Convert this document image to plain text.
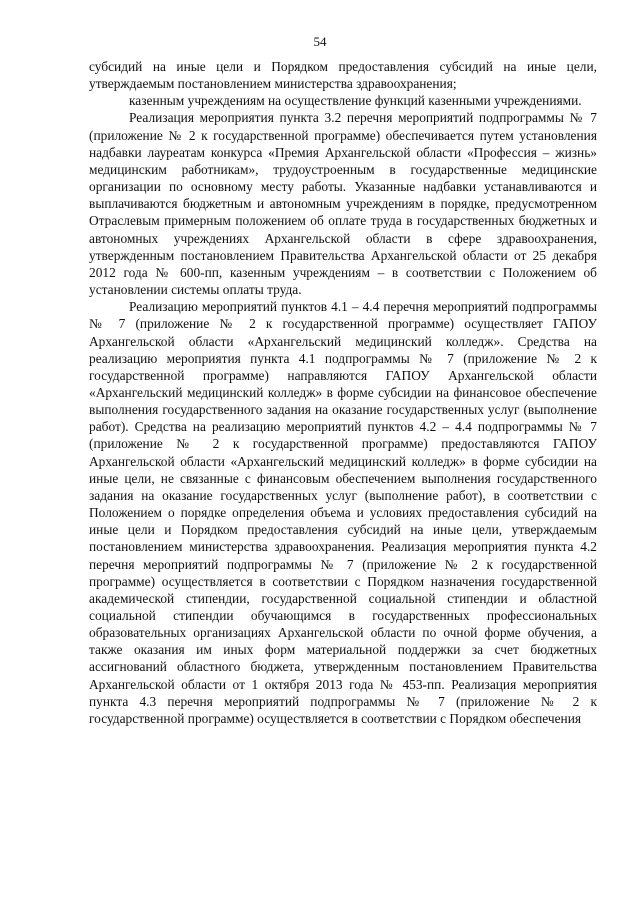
54

субсидий на иные цели и Порядком предоставления субсидий на иные цели, утверждаемым постановлением министерства здравоохранения;

казенным учреждениям на осуществление функций казенными учреждениями.

Реализация мероприятия пункта 3.2 перечня мероприятий подпрограммы № 7 (приложение № 2 к государственной программе) обеспечивается путем установления надбавки лауреатам конкурса «Премия Архангельской области «Профессия – жизнь» медицинским работникам», трудоустроенным в государственные медицинские организации по основному месту работы. Указанные надбавки устанавливаются и выплачиваются бюджетным и автономным учреждениям в порядке, предусмотренном Отраслевым примерным положением об оплате труда в государственных бюджетных и автономных учреждениях Архангельской области в сфере здравоохранения, утвержденным постановлением Правительства Архангельской области от 25 декабря 2012 года № 600-пп, казенным учреждениям – в соответствии с Положением об установлении системы оплаты труда.

Реализацию мероприятий пунктов 4.1 – 4.4 перечня мероприятий подпрограммы № 7 (приложение № 2 к государственной программе) осуществляет ГАПОУ Архангельской области «Архангельский медицинский колледж». Средства на реализацию мероприятия пункта 4.1 подпрограммы № 7 (приложение № 2 к государственной программе) направляются ГАПОУ Архангельской области «Архангельский медицинский колледж» в форме субсидии на финансовое обеспечение выполнения государственного задания на оказание государственных услуг (выполнение работ). Средства на реализацию мероприятий пунктов 4.2 – 4.4 подпрограммы № 7 (приложение № 2 к государственной программе) предоставляются ГАПОУ Архангельской области «Архангельский медицинский колледж» в форме субсидии на иные цели, не связанные с финансовым обеспечением выполнения государственного задания на оказание государственных услуг (выполнение работ), в соответствии с Положением о порядке определения объема и условиях предоставления субсидий на иные цели и Порядком предоставления субсидий на иные цели, утверждаемым постановлением министерства здравоохранения. Реализация мероприятия пункта 4.2 перечня мероприятий подпрограммы № 7 (приложение № 2 к государственной программе) осуществляется в соответствии с Порядком назначения государственной академической стипендии, государственной социальной стипендии и областной социальной стипендии обучающимся в государственных профессиональных образовательных организациях Архангельской области по очной форме обучения, а также оказания им иных форм материальной поддержки за счет бюджетных ассигнований областного бюджета, утвержденным постановлением Правительства Архангельской области от 1 октября 2013 года № 453-пп. Реализация мероприятия пункта 4.3 перечня мероприятий подпрограммы № 7 (приложение № 2 к государственной программе) осуществляется в соответствии с Порядком обеспечения
